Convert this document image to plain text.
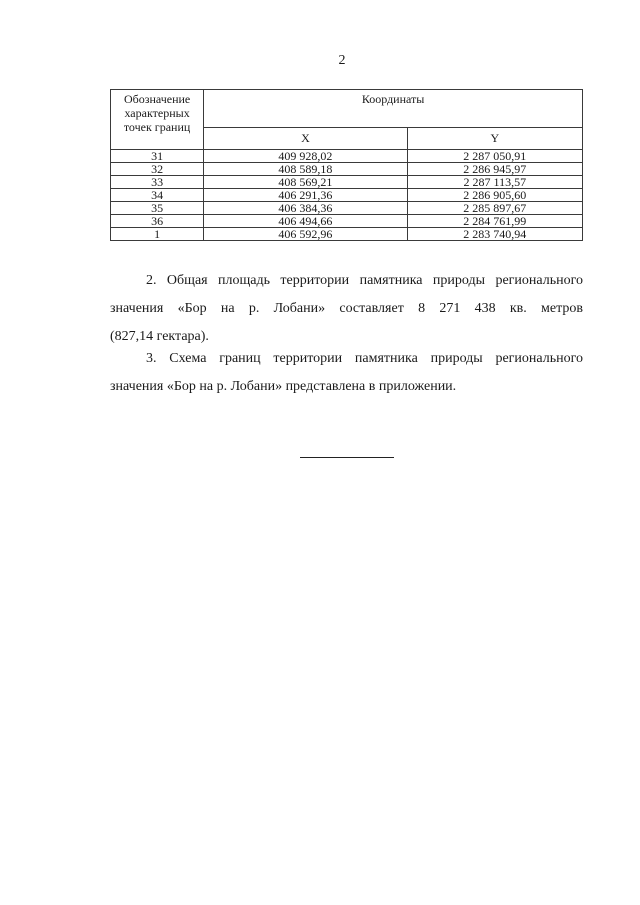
2
Обозначение
характерных
точек границ	Координаты	
	X	Y
31	409 928,02	2 287 050,91
32	408 589,18	2 286 945,97
33	408 569,21	2 287 113,57
34	406 291,36	2 286 905,60
35	406 384,36	2 285 897,67
36	406 494,66	2 284 761,99
1	406 592,96	2 283 740,94
2. Общая площадь территории памятника природы регионального
значения «Бор на р. Лобани» составляет 8 271 438 кв. метров
(827,14 гектара).
3. Схема границ территории памятника природы регионального
значения «Бор на р. Лобани» представлена в приложении.
